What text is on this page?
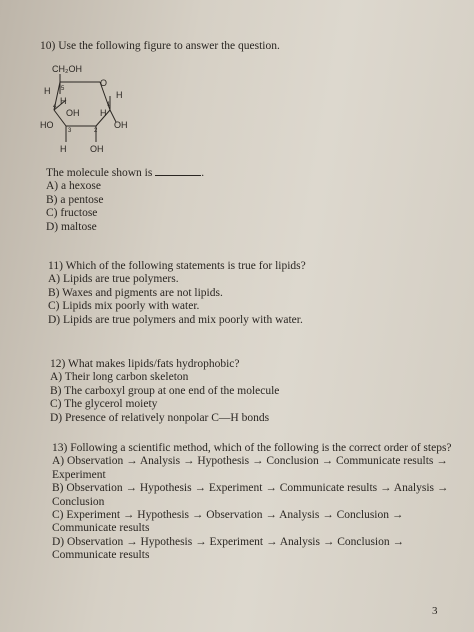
10) Use the following figure to answer the question.
CH₂OH
O
H	H
H
OH H
HO	OH
H	OH
5
4
3	2
1
The molecule shown is	.
A) a hexose
B) a pentose
C) fructose
D) maltose
11) Which of the following statements is true for lipids?
A) Lipids are true polymers.
B) Waxes and pigments are not lipids.
C) Lipids mix poorly with water.
D) Lipids are true polymers and mix poorly with water.
12) What makes lipids/fats hydrophobic?
A) Their long carbon skeleton
B) The carboxyl group at one end of the molecule
C) The glycerol moiety
D) Presence of relatively nonpolar C—H bonds
13) Following a scientific method, which of the following is the correct order of steps?
A) Observation → Analysis → Hypothesis → Conclusion → Communicate results →
Experiment
B) Observation → Hypothesis → Experiment → Communicate results → Analysis →
Conclusion
C) Experiment → Hypothesis → Observation → Analysis → Conclusion →
Communicate results
D) Observation → Hypothesis → Experiment → Analysis → Conclusion →
Communicate results
3
